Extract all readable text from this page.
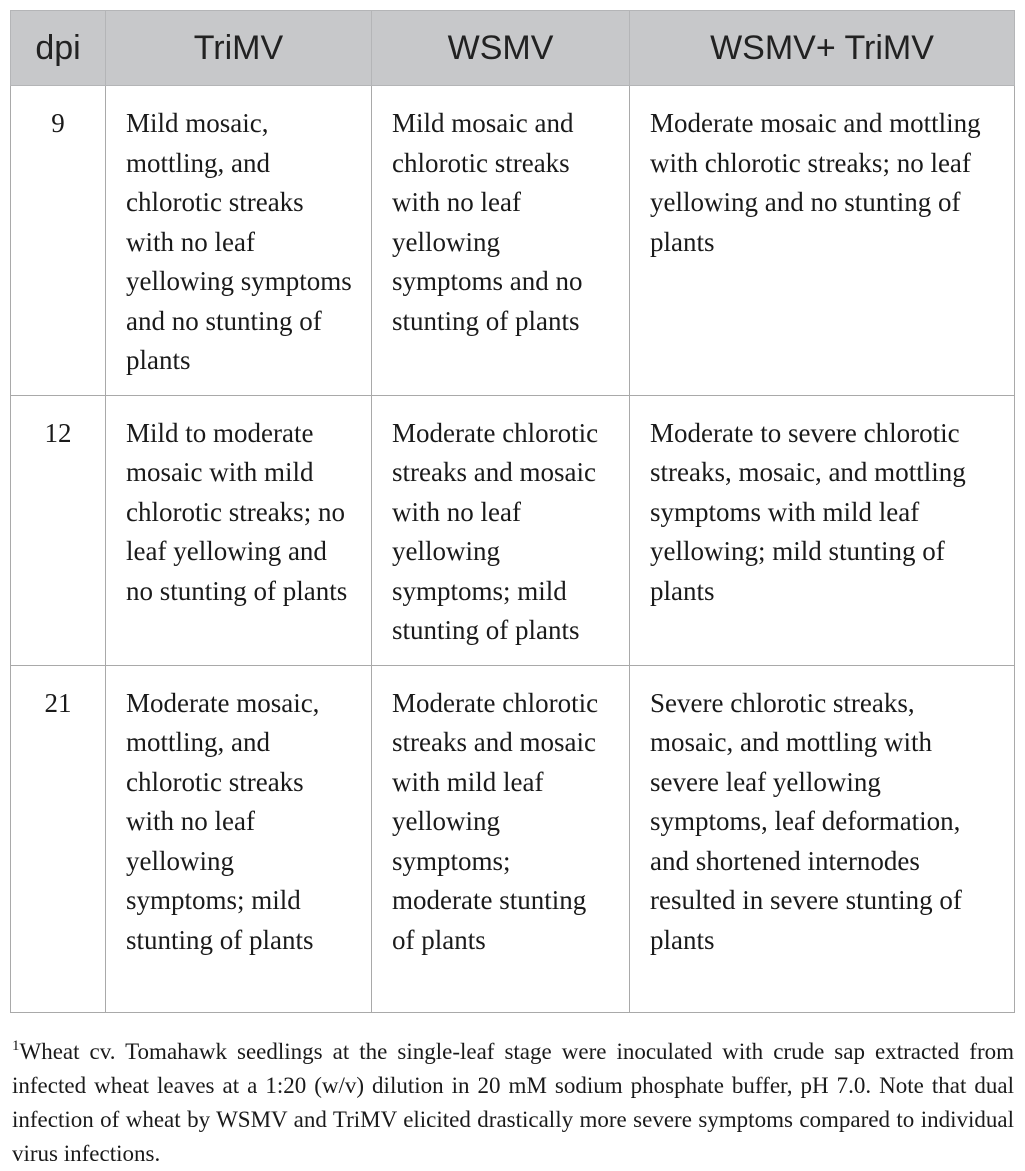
dpi	TriMV	WSMV	WSMV+ TriMV
9	Mild mosaic, mottling, and chlorotic streaks with no leaf yellowing symptoms and no stunting of plants	Mild mosaic and chlorotic streaks with no leaf yellowing symptoms and no stunting of plants	Moderate mosaic and mottling with chlorotic streaks; no leaf yellowing and no stunting of plants
12	Mild to moderate mosaic with mild chlorotic streaks; no leaf yellowing and no stunting of plants	Moderate chlorotic streaks and mosaic with no leaf yellowing symptoms; mild stunting of plants	Moderate to severe chlorotic streaks, mosaic, and mottling symptoms with mild leaf yellowing; mild stunting of plants
21	Moderate mosaic, mottling, and chlorotic streaks with no leaf yellowing symptoms; mild stunting of plants	Moderate chlorotic streaks and mosaic with mild leaf yellowing symptoms; moderate stunting of plants	Severe chlorotic streaks, mosaic, and mottling with severe leaf yellowing symptoms, leaf deformation, and shortened internodes resulted in severe stunting of plants

$^1$Wheat cv. Tomahawk seedlings at the single-leaf stage were inoculated with crude sap extracted from infected wheat leaves at a 1:20 (w/v) dilution in 20 mM sodium phosphate buffer, pH 7.0. Note that dual infection of wheat by WSMV and TriMV elicited drastically more severe symptoms compared to individual virus infections.
